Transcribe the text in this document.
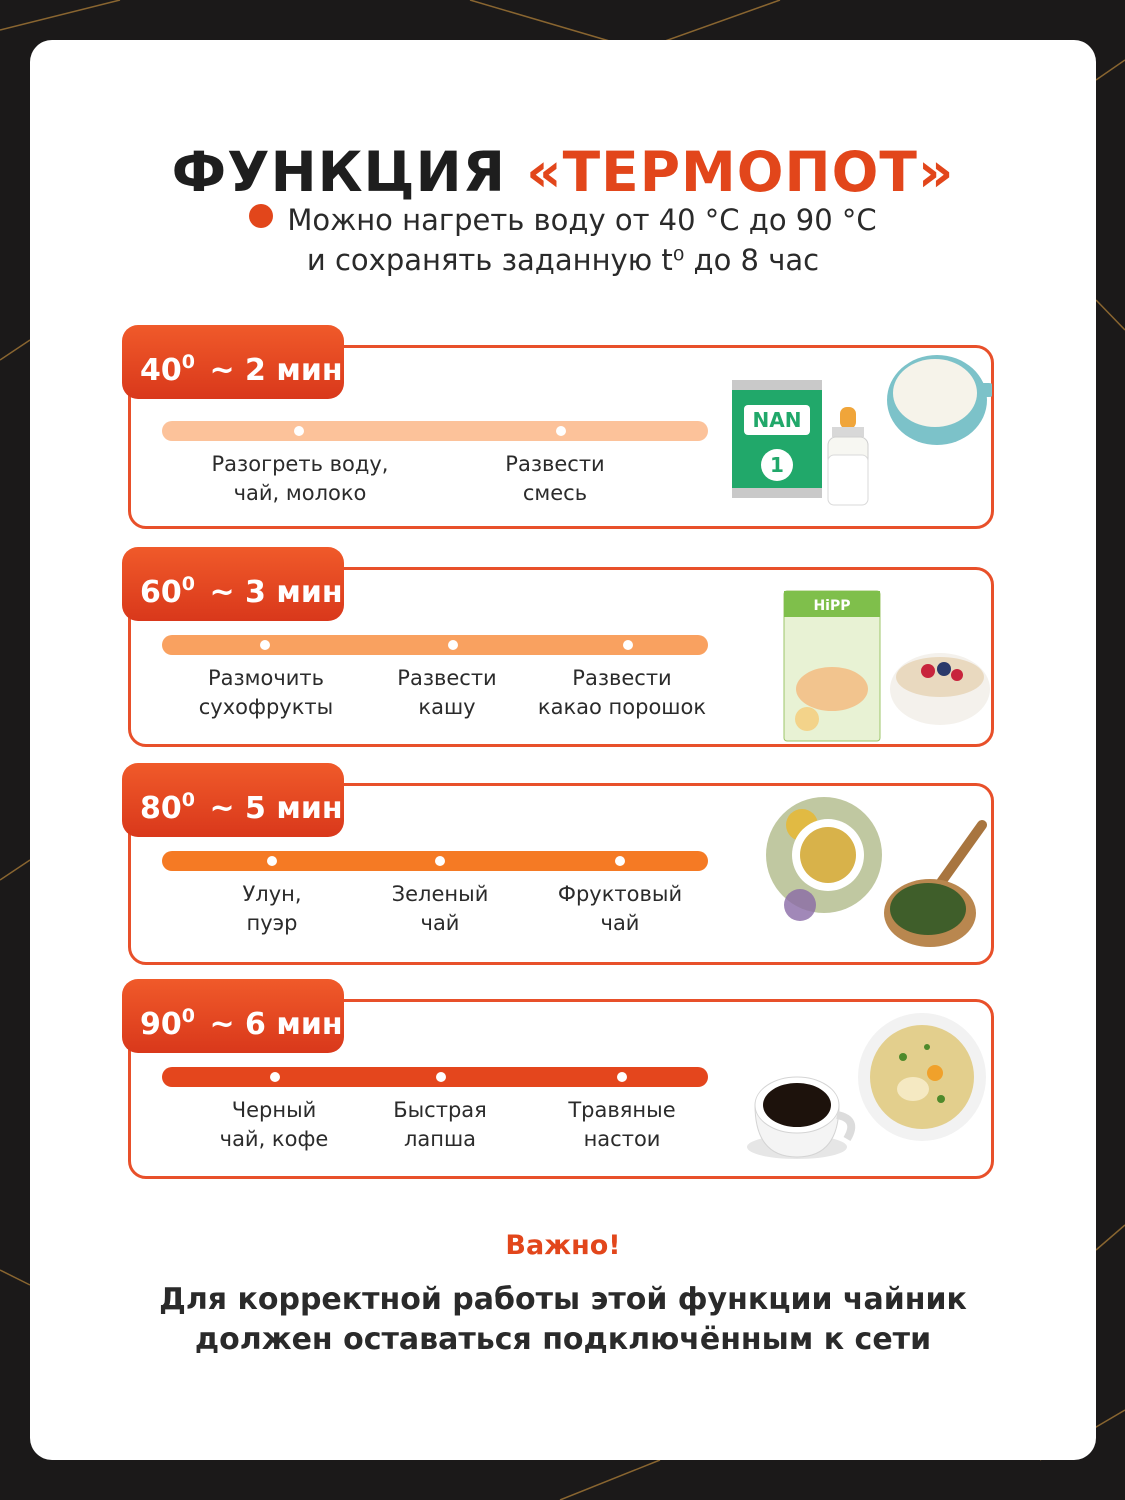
ФУНКЦИЯ «ТЕРМОПОТ»
Можно нагреть воду от 40 °С до 90 °С
и сохранять заданную t⁰ до 8 час
$40^0$ ~ 2 мин
Разогреть воду,
чай, молоко
Развести
смесь
NAN
1
$60^0$ ~ 3 мин
Размочить
сухофрукты
Развести
кашу
Развести
какао порошок
HiPP
$80^0$ ~ 5 мин
Улун,
пуэр
Зеленый
чай
Фруктовый
чай
$90^0$ ~ 6 мин
Черный
чай, кофе
Быстрая
лапша
Травяные
настои
Важно!
Для корректной работы этой функции чайник
должен оставаться подключённым к сети
